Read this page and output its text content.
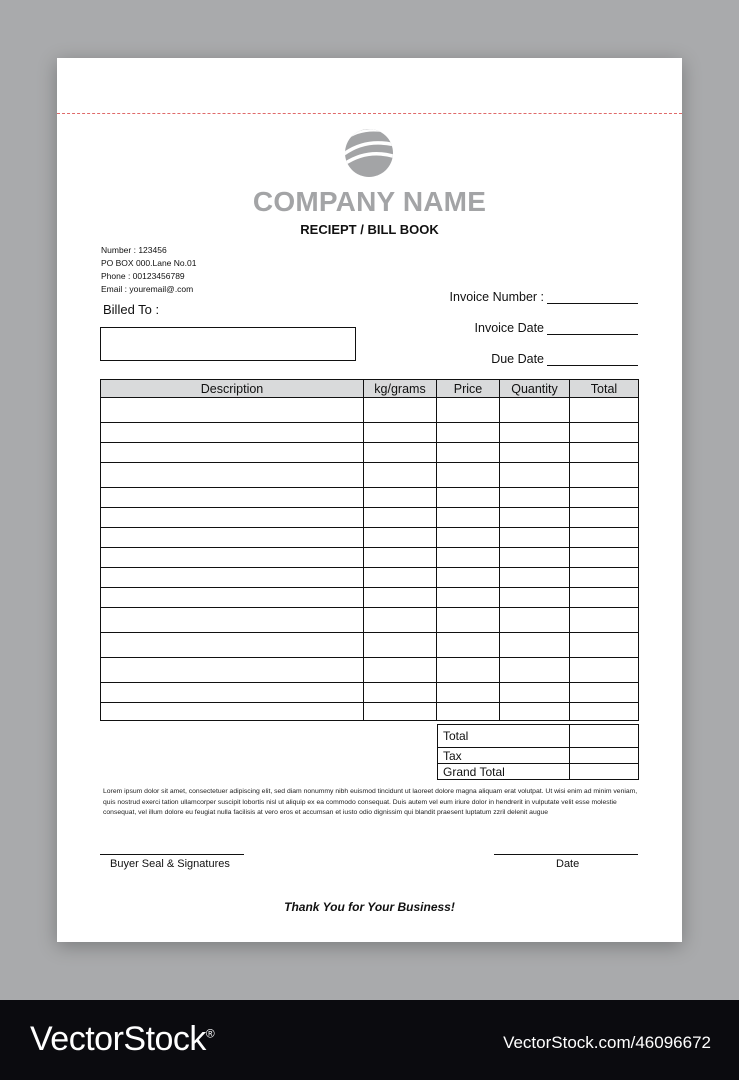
COMPANY NAME
RECIEPT / BILL BOOK
Number : 123456
PO BOX 000.Lane No.01
Phone : 00123456789
Email : youremail@.com
Billed To :
Invoice Number :
Invoice Date
Due Date
Description	kg/grams	Price	Quantity	Total

Total	
Tax	
Grand Total	
Lorem ipsum dolor sit amet, consectetuer adipiscing elit, sed diam nonummy nibh euismod tincidunt ut laoreet dolore magna aliquam erat volutpat. Ut wisi enim ad minim veniam, quis nostrud exerci tation ullamcorper suscipit lobortis nisl ut aliquip ex ea commodo consequat. Duis autem vel eum iriure dolor in hendrerit in vulputate velit esse molestie consequat, vel illum dolore eu feugiat nulla facilisis at vero eros et accumsan et iusto odio dignissim qui blandit praesent luptatum zzril delenit augue
Buyer Seal & Signatures	Date
Thank You for Your Business!
VectorStock®	VectorStock.com/46096672
